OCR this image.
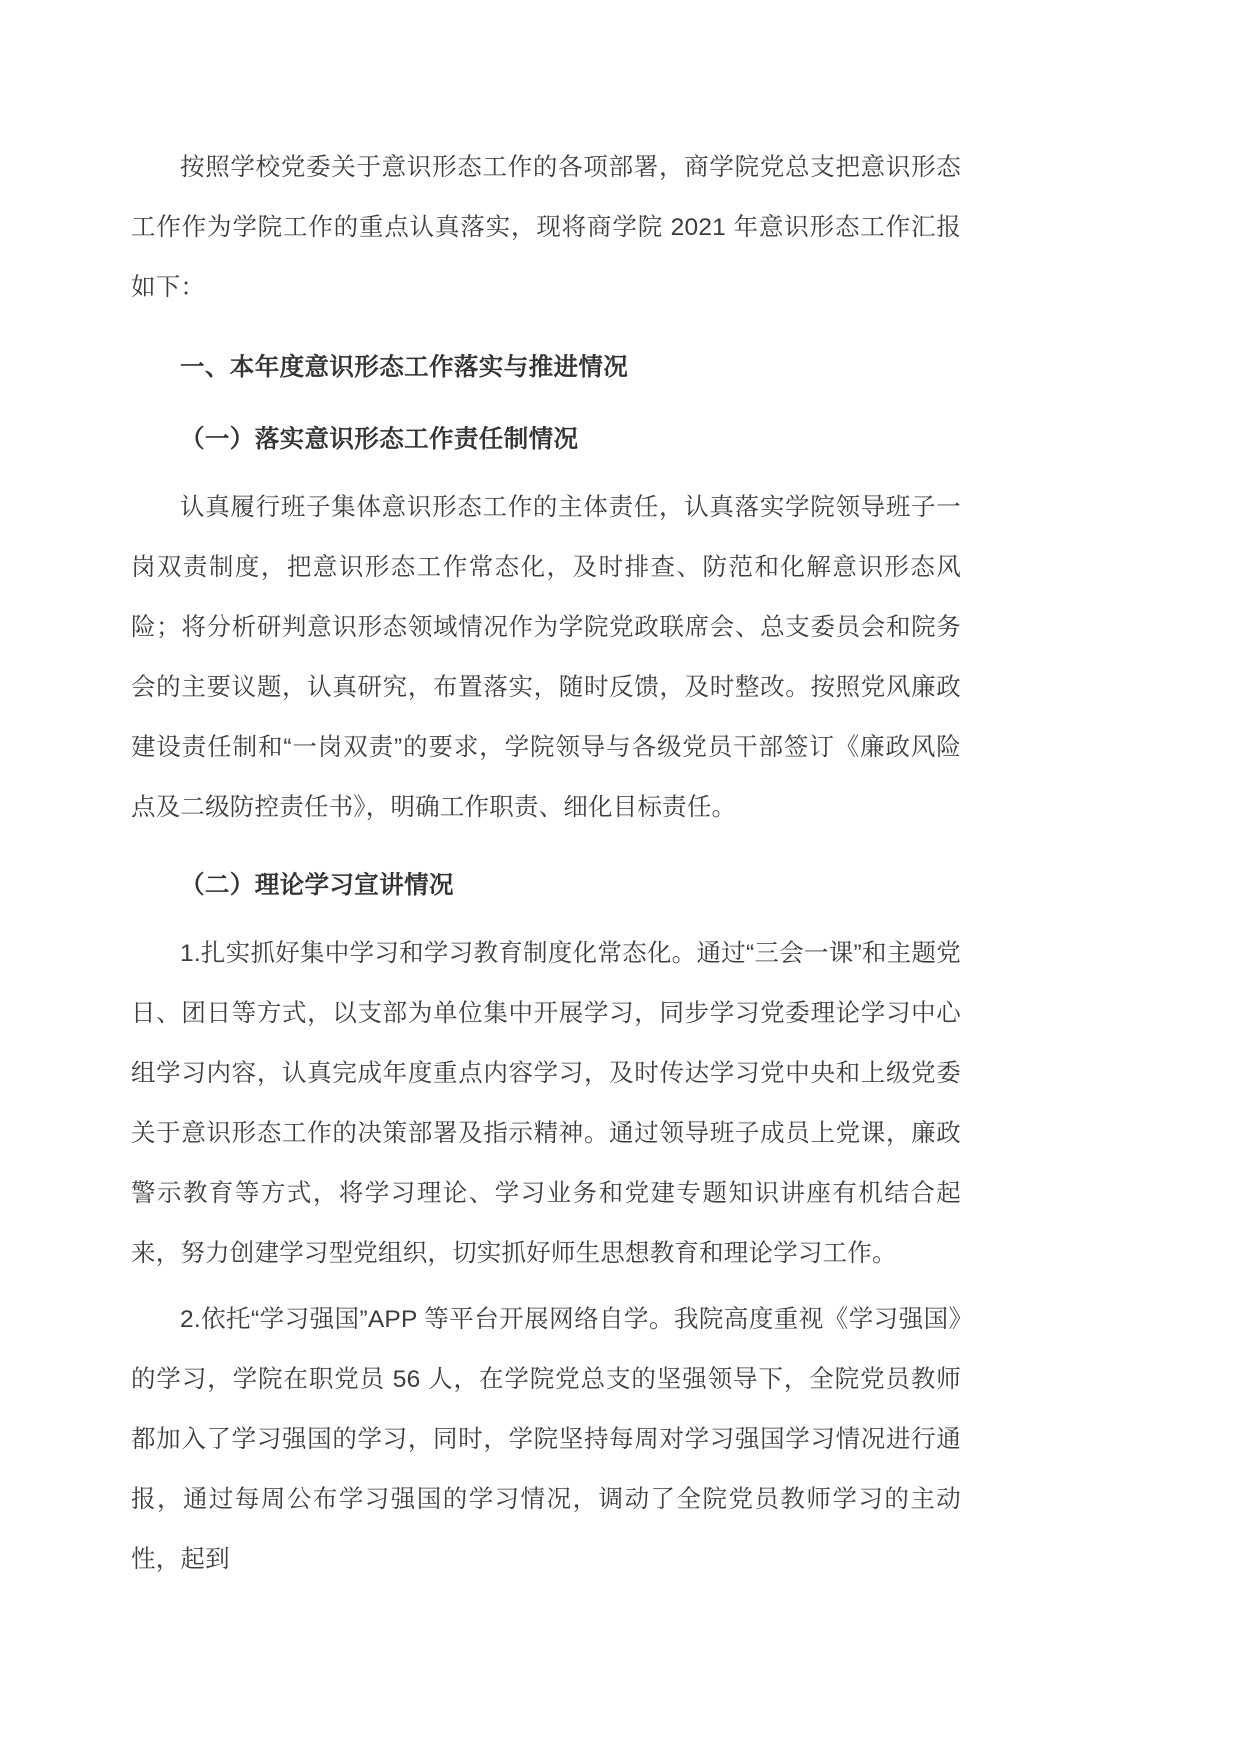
按照学校党委关于意识形态工作的各项部署，商学院党总支把意识形态工作作为学院工作的重点认真落实，现将商学院 2021 年意识形态工作汇报如下：

一、本年度意识形态工作落实与推进情况
（一）落实意识形态工作责任制情况

认真履行班子集体意识形态工作的主体责任，认真落实学院领导班子一岗双责制度，把意识形态工作常态化，及时排查、防范和化解意识形态风险；将分析研判意识形态领域情况作为学院党政联席会、总支委员会和院务会的主要议题，认真研究，布置落实，随时反馈，及时整改。按照党风廉政建设责任制和“一岗双责”的要求，学院领导与各级党员干部签订《廉政风险点及二级防控责任书》，明确工作职责、细化目标责任。

（二）理论学习宣讲情况

1.扎实抓好集中学习和学习教育制度化常态化。通过“三会一课”和主题党日、团日等方式，以支部为单位集中开展学习，同步学习党委理论学习中心组学习内容，认真完成年度重点内容学习，及时传达学习党中央和上级党委关于意识形态工作的决策部署及指示精神。通过领导班子成员上党课，廉政警示教育等方式，将学习理论、学习业务和党建专题知识讲座有机结合起来，努力创建学习型党组织，切实抓好师生思想教育和理论学习工作。

2.依托“学习强国”APP 等平台开展网络自学。我院高度重视《学习强国》的学习，学院在职党员 56 人，在学院党总支的坚强领导下，全院党员教师都加入了学习强国的学习，同时，学院坚持每周对学习强国学习情况进行通报，通过每周公布学习强国的学习情况，调动了全院党员教师学习的主动性，起到
